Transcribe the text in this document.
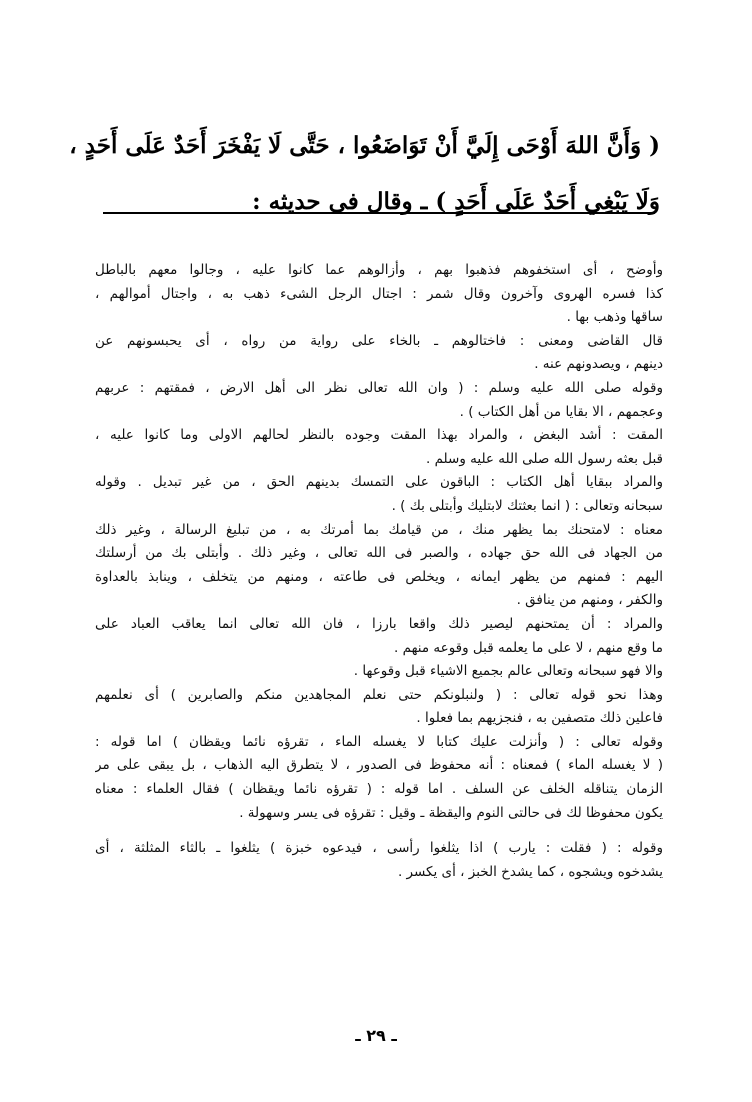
( وَأَنَّ اللهَ أَوْحَى إِلَيَّ أَنْ تَوَاضَعُوا ، حَتَّى لَا يَفْخَرَ أَحَدٌ عَلَى أَحَدٍ ،
وَلَا يَبْغِي أَحَدٌ عَلَى أَحَدٍ ) ـ وقال فى حديثه :
وأوضح ، أى استخفوهم فذهبوا بهم ، وأزالوهم عما كانوا عليه ، وجالوا معهم بالباطل
كذا فسره الهروى وآخرون وقال شمر : اجتال الرجل الشىء ذهب به ، واجتال أموالهم ،
ساقها وذهب بها .
قال القاضى ومعنى : فاختالوهم ـ بالخاء على رواية من رواه ، أى يحبسونهم عن
دينهم ، ويصدونهم عنه .
وقوله صلى الله عليه وسلم : ( وان الله تعالى نظر الى أهل الارض ، فمقتهم : عربهم
وعجمهم ، الا بقايا من أهل الكتاب ) .
المقت : أشد البغض ، والمراد بهذا المقت وجوده بالنظر لحالهم الاولى وما كانوا عليه ،
قبل بعثه رسول الله صلى الله عليه وسلم .
والمراد ببقايا أهل الكتاب : الباقون على التمسك بدينهم الحق ، من غير تبديل . وقوله
سبحانه وتعالى : ( انما بعثتك لابتليك وأبتلى بك ) .
معناه : لامتحنك بما يظهر منك ، من قيامك بما أمرتك به ، من تبليغ الرسالة ، وغير ذلك
من الجهاد فى الله حق جهاده ، والصبر فى الله تعالى ، وغير ذلك . وأبتلى بك من أرسلتك
اليهم : فمنهم من يظهر ايمانه ، ويخلص فى طاعته ، ومنهم من يتخلف ، وينابذ بالعداوة
والكفر ، ومنهم من ينافق .
والمراد : أن يمتحنهم ليصير ذلك واقعا بارزا ، فان الله تعالى انما يعاقب العباد على
ما وقع منهم ، لا على ما يعلمه قبل وقوعه منهم .
والا فهو سبحانه وتعالى عالم بجميع الاشياء قبل وقوعها .
وهذا نحو قوله تعالى : ( ولنبلونكم حتى نعلم المجاهدين منكم والصابرين ) أى نعلمهم
فاعلين ذلك متصفين به ، فنجزيهم بما فعلوا .
وقوله تعالى : ( وأنزلت عليك كتابا لا يغسله الماء ، تقرؤه نائما ويقظان ) اما قوله :
( لا يغسله الماء ) فمعناه : أنه محفوظ فى الصدور ، لا يتطرق اليه الذهاب ، بل يبقى على مر
الزمان يتناقله الخلف عن السلف . اما قوله : ( تقرؤه نائما ويقظان ) فقال العلماء : معناه
يكون محفوظا لك فى حالتى النوم واليقظة ـ وقيل : تقرؤه فى يسر وسهولة .
وقوله : ( فقلت : يارب ) اذا يثلغوا رأسى ، فيدعوه خبزة ) يثلغوا ـ بالثاء المثلثة ، أى
يشدخوه ويشجوه ، كما يشدخ الخبز ، أى يكسر .
ـ ٢٩ ـ
